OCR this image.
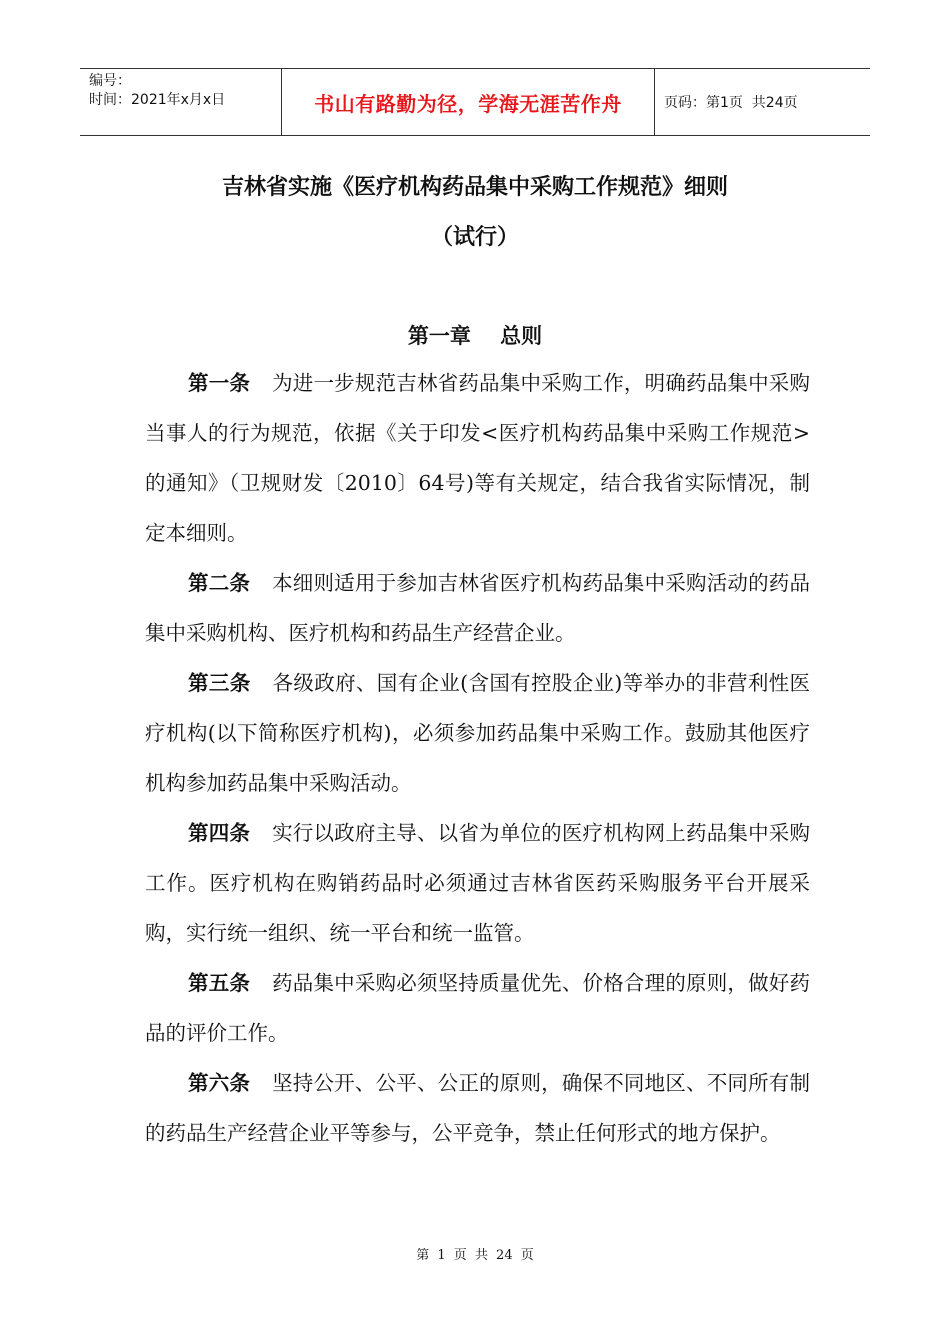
编号：
时间：2021年x月x日	书山有路勤为径，学海无涯苦作舟	页码：第1页  共24页
吉林省实施《医疗机构药品集中采购工作规范》细则
（试行）
第一章    总则

第一条 为进一步规范吉林省药品集中采购工作，明确药品集中采购当事人的行为规范，依据《关于印发<医疗机构药品集中采购工作规范>的通知》（卫规财发〔2010〕64号)等有关规定，结合我省实际情况，制定本细则。

第二条 本细则适用于参加吉林省医疗机构药品集中采购活动的药品集中采购机构、医疗机构和药品生产经营企业。

第三条 各级政府、国有企业(含国有控股企业)等举办的非营利性医疗机构(以下简称医疗机构)，必须参加药品集中采购工作。鼓励其他医疗机构参加药品集中采购活动。

第四条 实行以政府主导、以省为单位的医疗机构网上药品集中采购工作。医疗机构在购销药品时必须通过吉林省医药采购服务平台开展采购，实行统一组织、统一平台和统一监管。

第五条 药品集中采购必须坚持质量优先、价格合理的原则，做好药品的评价工作。

第六条 坚持公开、公平、公正的原则，确保不同地区、不同所有制的药品生产经营企业平等参与，公平竞争，禁止任何形式的地方保护。

第 1 页 共 24 页
